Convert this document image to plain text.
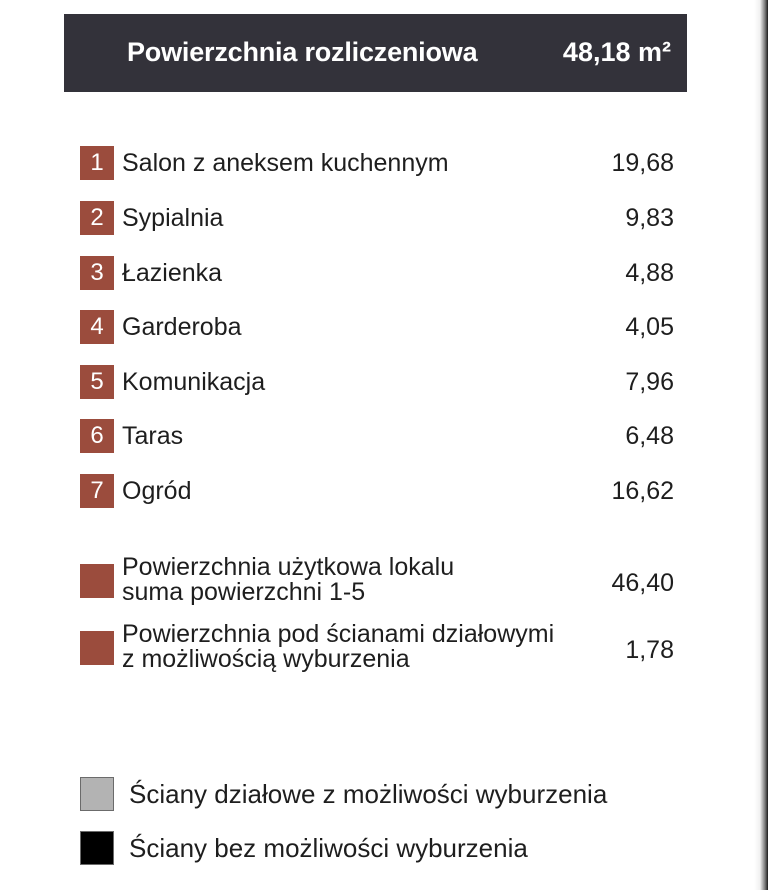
Powierzchnia rozliczeniowa	48,18 m²
1 Salon z aneksem kuchennym	19,68
2 Sypialnia	9,83
3 Łazienka	4,88
4 Garderoba	4,05
5 Komunikacja	7,96
6 Taras	6,48
7 Ogród	16,62
Powierzchnia użytkowa lokalu
suma powierzchni 1-5	46,40
Powierzchnia pod ścianami działowymi
z możliwością wyburzenia	1,78
Ściany działowe z możliwości wyburzenia
Ściany bez możliwości wyburzenia
